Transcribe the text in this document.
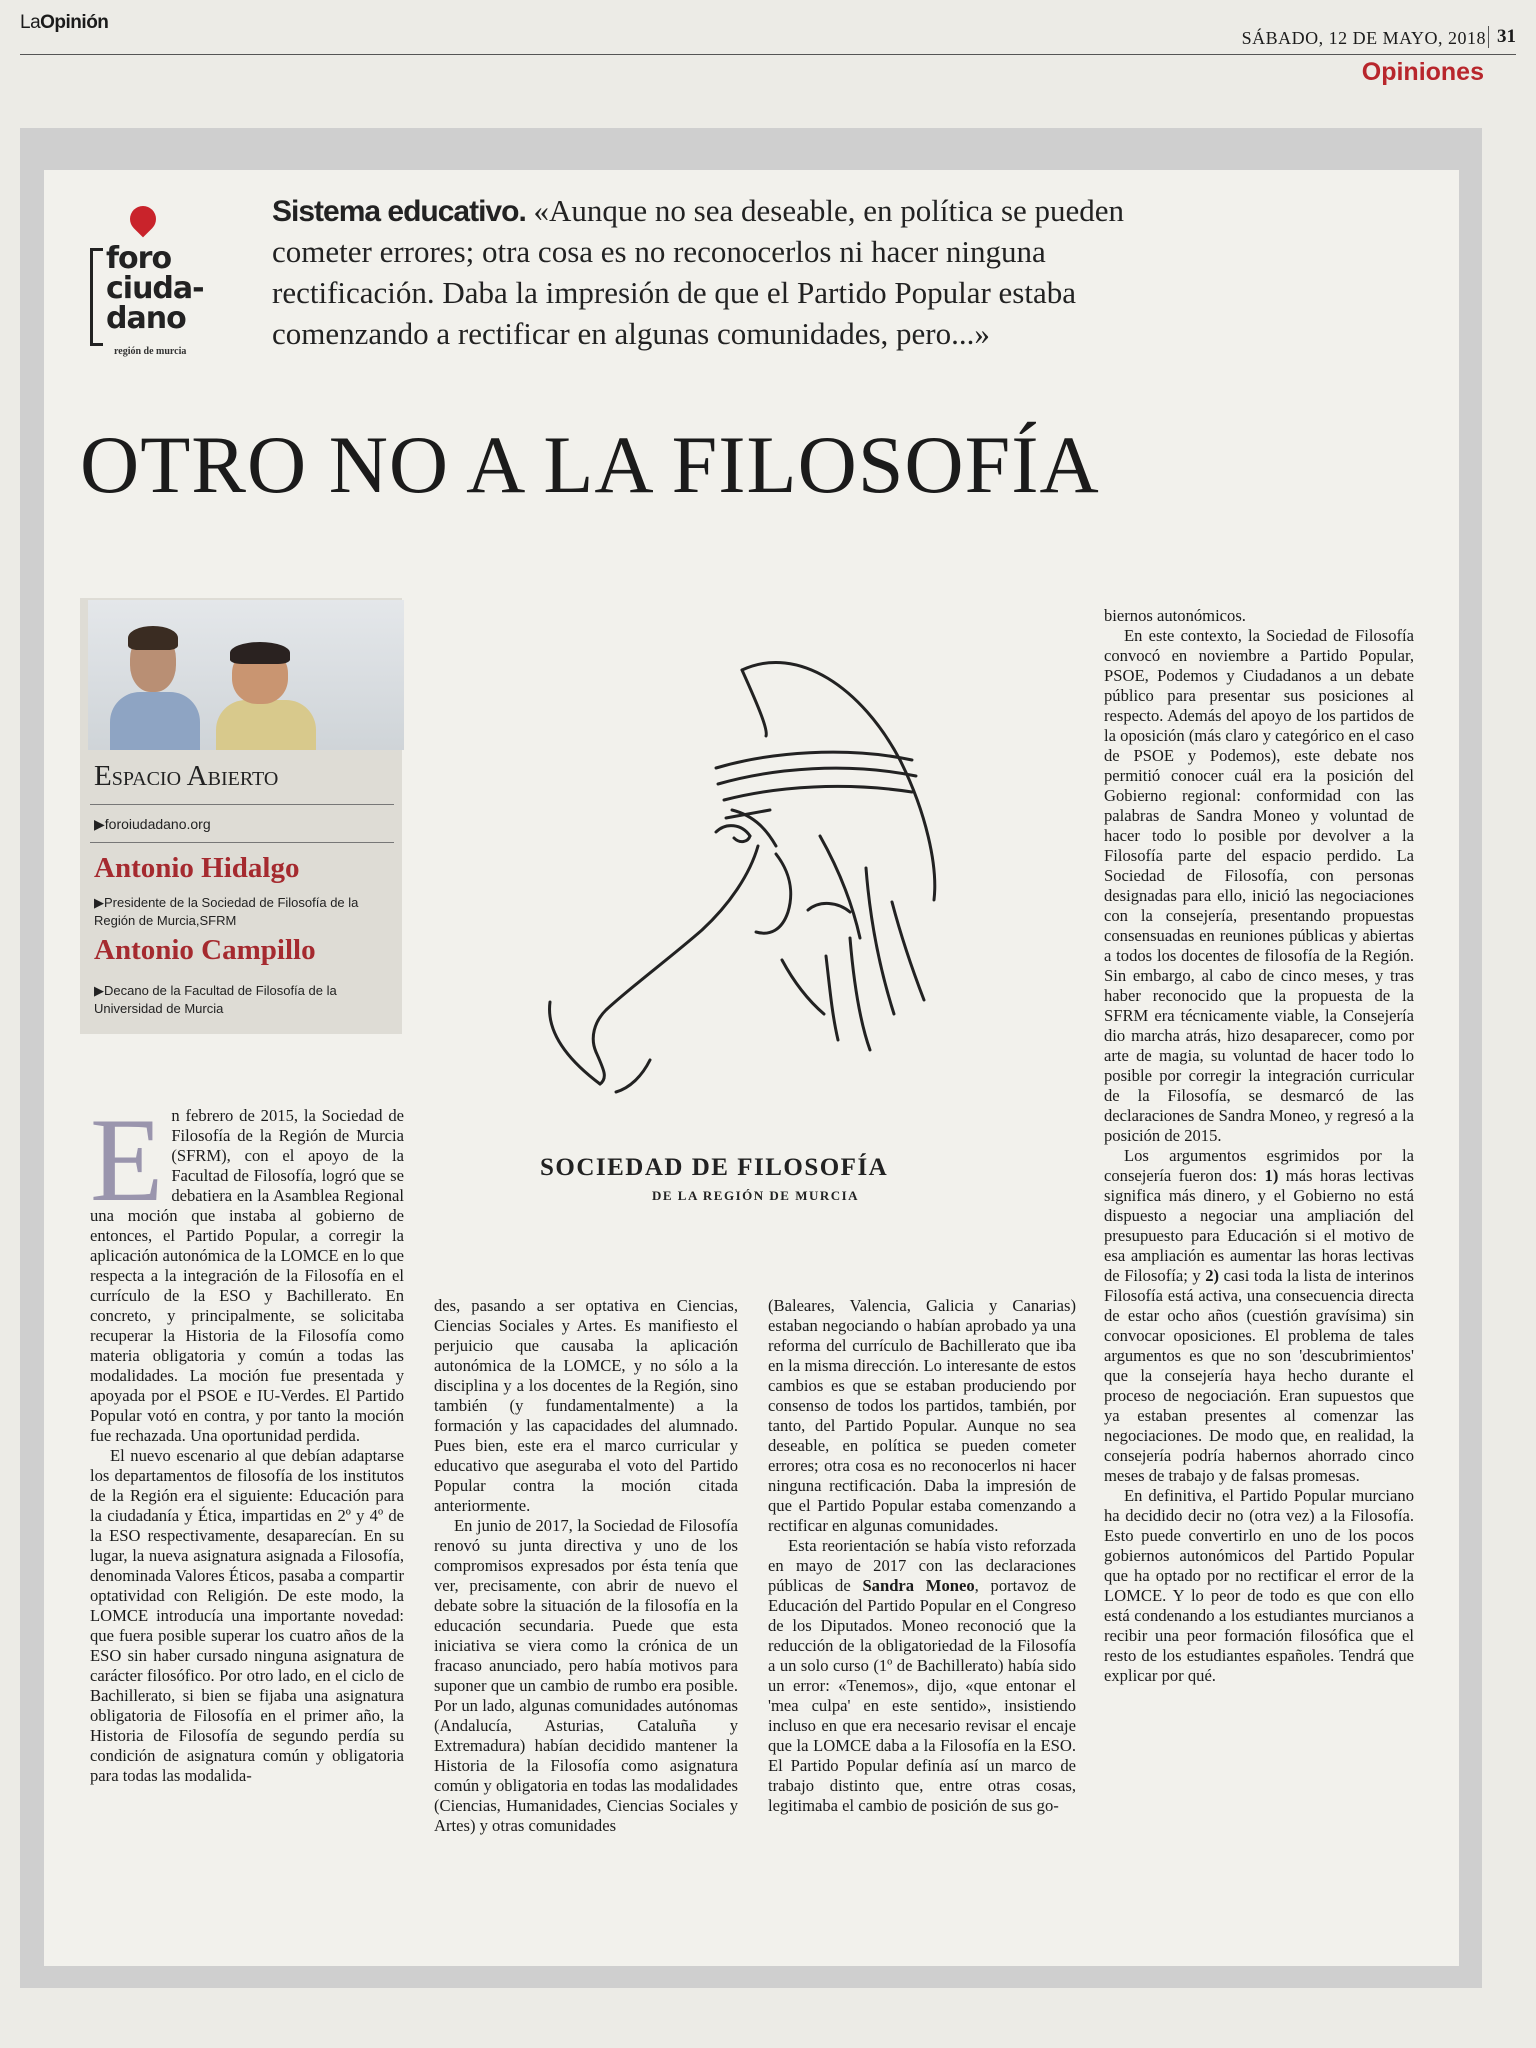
LaOpinión
SÁBADO, 12 DE MAYO, 2018 31
Opiniones
foro
ciuda-
dano
región de murcia
Sistema educativo. «Aunque no sea deseable, en política se pueden cometer errores; otra cosa es no reconocerlos ni hacer ninguna rectificación. Daba la impresión de que el Partido Popular estaba comenzando a rectificar en algunas comunidades, pero...»
OTRO NO A LA FILOSOFÍA
Espacio Abierto
▶foroiudadano.org
Antonio Hidalgo
▶Presidente de la Sociedad de Filosofía de la Región de Murcia,SFRM
Antonio Campillo
▶Decano de la Facultad de Filosofía de la Universidad de Murcia
SOCIEDAD DE FILOSOFÍA
DE LA REGIÓN DE MURCIA

En febrero de 2015, la Sociedad de Filosofía de la Región de Murcia (SFRM), con el apoyo de la Facultad de Filosofía, logró que se debatiera en la Asamblea Regional una moción que instaba al gobierno de entonces, el Partido Popular, a corregir la aplicación autonómica de la LOMCE en lo que respecta a la integración de la Filosofía en el currículo de la ESO y Bachillerato. En concreto, y principalmente, se solicitaba recuperar la Historia de la Filosofía como materia obligatoria y común a todas las modalidades. La moción fue presentada y apoyada por el PSOE e IU-Verdes. El Partido Popular votó en contra, y por tanto la moción fue rechazada. Una oportunidad perdida.

El nuevo escenario al que debían adaptarse los departamentos de filosofía de los institutos de la Región era el siguiente: Educación para la ciudadanía y Ética, impartidas en 2º y 4º de la ESO respectivamente, desaparecían. En su lugar, la nueva asignatura asignada a Filosofía, denominada Valores Éticos, pasaba a compartir optatividad con Religión. De este modo, la LOMCE introducía una importante novedad: que fuera posible superar los cuatro años de la ESO sin haber cursado ninguna asignatura de carácter filosófico. Por otro lado, en el ciclo de Bachillerato, si bien se fijaba una asignatura obligatoria de Filosofía en el primer año, la Historia de Filosofía de segundo perdía su condición de asignatura común y obligatoria para todas las modalida-

des, pasando a ser optativa en Ciencias, Ciencias Sociales y Artes. Es manifiesto el perjuicio que causaba la aplicación autonómica de la LOMCE, y no sólo a la disciplina y a los docentes de la Región, sino también (y fundamentalmente) a la formación y las capacidades del alumnado. Pues bien, este era el marco curricular y educativo que aseguraba el voto del Partido Popular contra la moción citada anteriormente.

En junio de 2017, la Sociedad de Filosofía renovó su junta directiva y uno de los compromisos expresados por ésta tenía que ver, precisamente, con abrir de nuevo el debate sobre la situación de la filosofía en la educación secundaria. Puede que esta iniciativa se viera como la crónica de un fracaso anunciado, pero había motivos para suponer que un cambio de rumbo era posible. Por un lado, algunas comunidades autónomas (Andalucía, Asturias, Cataluña y Extremadura) habían decidido mantener la Historia de la Filosofía como asignatura común y obligatoria en todas las modalidades (Ciencias, Humanidades, Ciencias Sociales y Artes) y otras comunidades

(Baleares, Valencia, Galicia y Canarias) estaban negociando o habían aprobado ya una reforma del currículo de Bachillerato que iba en la misma dirección. Lo interesante de estos cambios es que se estaban produciendo por consenso de todos los partidos, también, por tanto, del Partido Popular. Aunque no sea deseable, en política se pueden cometer errores; otra cosa es no reconocerlos ni hacer ninguna rectificación. Daba la impresión de que el Partido Popular estaba comenzando a rectificar en algunas comunidades.

Esta reorientación se había visto reforzada en mayo de 2017 con las declaraciones públicas de Sandra Moneo, portavoz de Educación del Partido Popular en el Congreso de los Diputados. Moneo reconoció que la reducción de la obligatoriedad de la Filosofía a un solo curso (1º de Bachillerato) había sido un error: «Tenemos», dijo, «que entonar el 'mea culpa' en este sentido», insistiendo incluso en que era necesario revisar el encaje que la LOMCE daba a la Filosofía en la ESO. El Partido Popular definía así un marco de trabajo distinto que, entre otras cosas, legitimaba el cambio de posición de sus go-

biernos autonómicos.

En este contexto, la Sociedad de Filosofía convocó en noviembre a Partido Popular, PSOE, Podemos y Ciudadanos a un debate público para presentar sus posiciones al respecto. Además del apoyo de los partidos de la oposición (más claro y categórico en el caso de PSOE y Podemos), este debate nos permitió conocer cuál era la posición del Gobierno regional: conformidad con las palabras de Sandra Moneo y voluntad de hacer todo lo posible por devolver a la Filosofía parte del espacio perdido. La Sociedad de Filosofía, con personas designadas para ello, inició las negociaciones con la consejería, presentando propuestas consensuadas en reuniones públicas y abiertas a todos los docentes de filosofía de la Región. Sin embargo, al cabo de cinco meses, y tras haber reconocido que la propuesta de la SFRM era técnicamente viable, la Consejería dio marcha atrás, hizo desaparecer, como por arte de magia, su voluntad de hacer todo lo posible por corregir la integración curricular de la Filosofía, se desmarcó de las declaraciones de Sandra Moneo, y regresó a la posición de 2015.

Los argumentos esgrimidos por la consejería fueron dos: 1) más horas lectivas significa más dinero, y el Gobierno no está dispuesto a negociar una ampliación del presupuesto para Educación si el motivo de esa ampliación es aumentar las horas lectivas de Filosofía; y 2) casi toda la lista de interinos Filosofía está activa, una consecuencia directa de estar ocho años (cuestión gravísima) sin convocar oposiciones. El problema de tales argumentos es que no son 'descubrimientos' que la consejería haya hecho durante el proceso de negociación. Eran supuestos que ya estaban presentes al comenzar las negociaciones. De modo que, en realidad, la consejería podría habernos ahorrado cinco meses de trabajo y de falsas promesas.

En definitiva, el Partido Popular murciano ha decidido decir no (otra vez) a la Filosofía. Esto puede convertirlo en uno de los pocos gobiernos autonómicos del Partido Popular que ha optado por no rectificar el error de la LOMCE. Y lo peor de todo es que con ello está condenando a los estudiantes murcianos a recibir una peor formación filosófica que el resto de los estudiantes españoles. Tendrá que explicar por qué.
